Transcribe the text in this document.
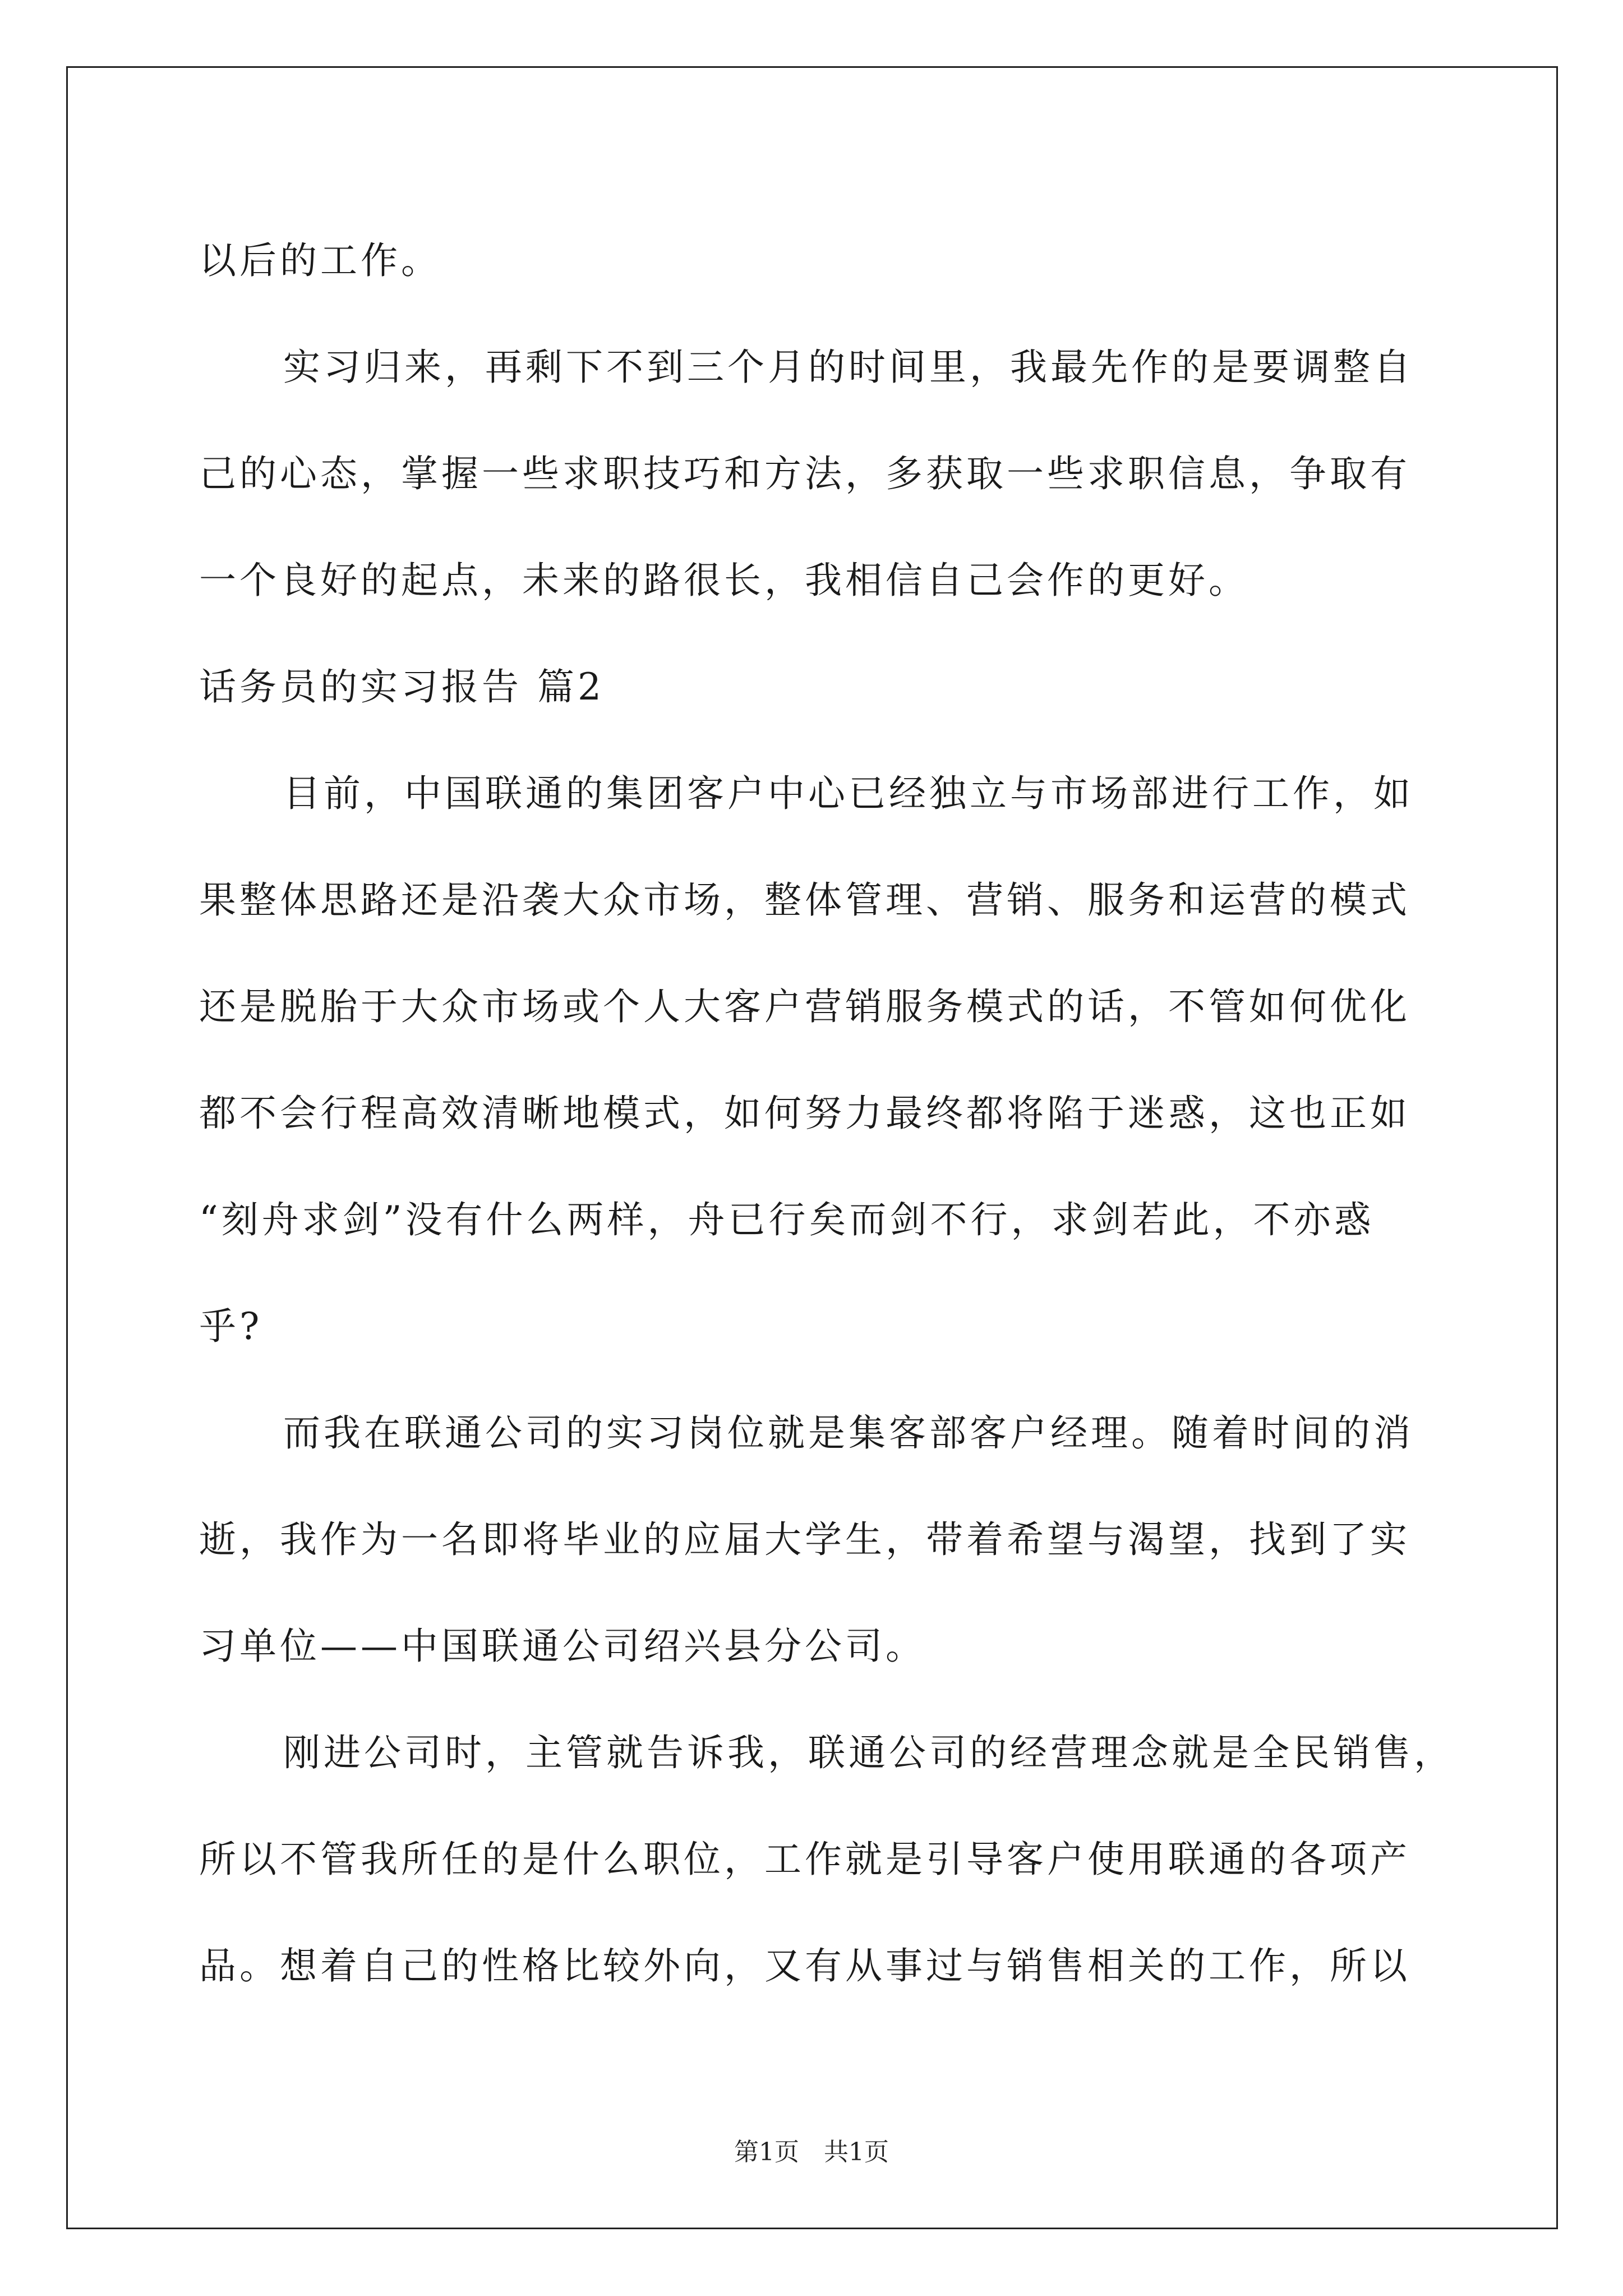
以后的工作。
实习归来，再剩下不到三个月的时间里，我最先作的是要调整自
己的心态，掌握一些求职技巧和方法，多获取一些求职信息，争取有
一个良好的起点，未来的路很长，我相信自己会作的更好。
话务员的实习报告 篇2
目前，中国联通的集团客户中心已经独立与市场部进行工作，如
果整体思路还是沿袭大众市场，整体管理、营销、服务和运营的模式
还是脱胎于大众市场或个人大客户营销服务模式的话，不管如何优化
都不会行程高效清晰地模式，如何努力最终都将陷于迷惑，这也正如
“刻舟求剑”没有什么两样，舟已行矣而剑不行，求剑若此，不亦惑
乎?
而我在联通公司的实习岗位就是集客部客户经理。随着时间的消
逝，我作为一名即将毕业的应届大学生，带着希望与渴望，找到了实
习单位——中国联通公司绍兴县分公司。
刚进公司时，主管就告诉我，联通公司的经营理念就是全民销售，
所以不管我所任的是什么职位，工作就是引导客户使用联通的各项产
品。想着自己的性格比较外向，又有从事过与销售相关的工作，所以
第1页　共1页
